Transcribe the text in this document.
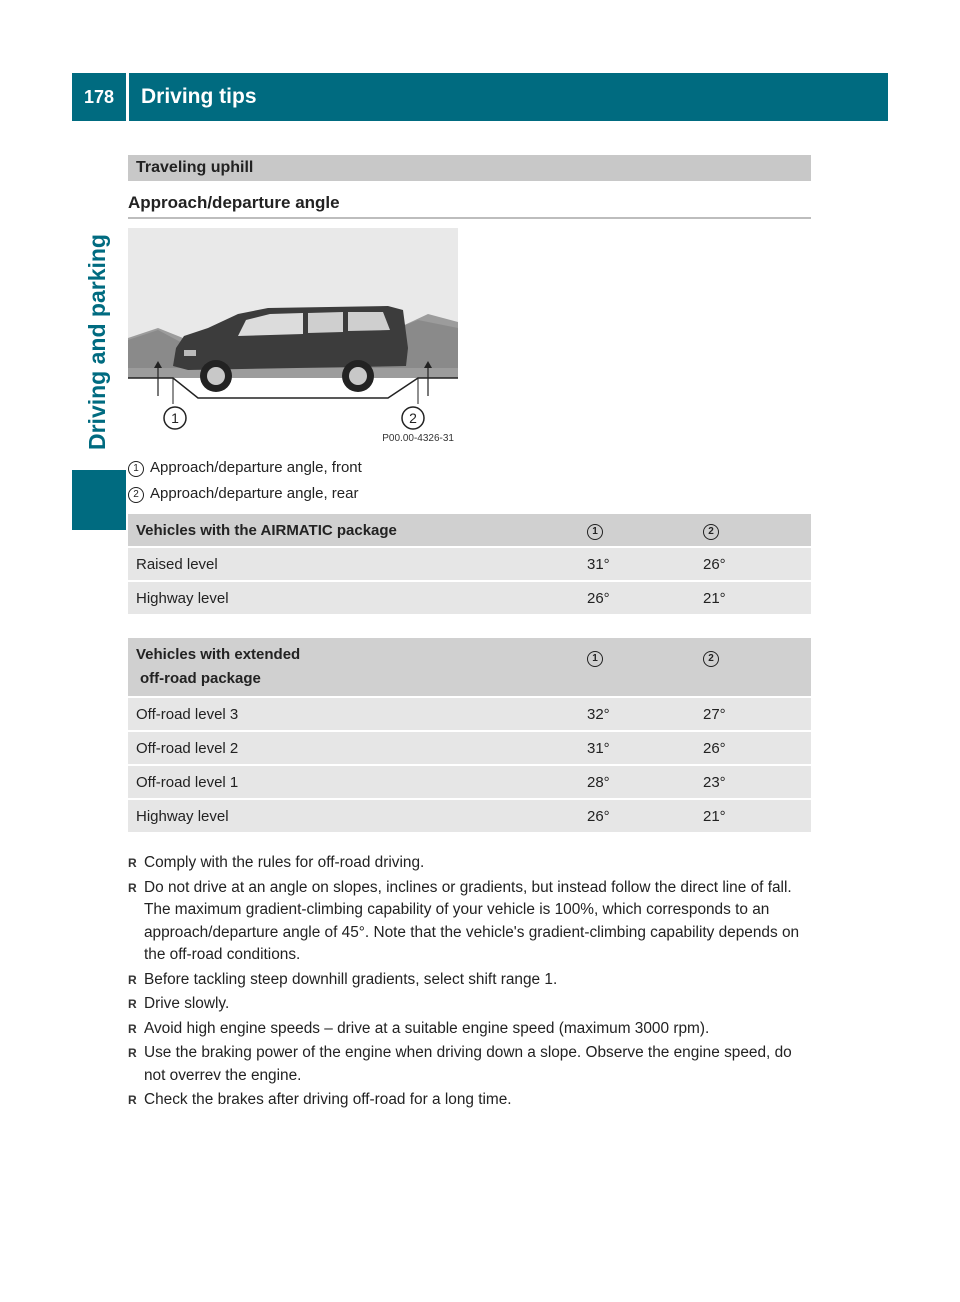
178	Driving tips
Driving and parking
Traveling uphill
Approach/departure angle
1	2
P00.00-4326-31
1 Approach/departure angle, front
2 Approach/departure angle, rear
Vehicles with the AIRMATIC package	1	2
Raised level	31°	26°
Highway level	26°	21°
Vehicles with extended
off-road package	1	2
Off-road level 3	32°	27°
Off-road level 2	31°	26°
Off-road level 1	28°	23°
Highway level	26°	21°
R Comply with the rules for off-road driving.
R Do not drive at an angle on slopes, inclines or gradients, but instead follow the direct line of fall. The maximum gradient-climbing capability of your vehicle is 100%, which corresponds to an approach/departure angle of 45°. Note that the vehicle's gradient-climbing capability depends on the off-road conditions.
R Before tackling steep downhill gradients, select shift range 1.
R Drive slowly.
R Avoid high engine speeds – drive at a suitable engine speed (maximum 3000 rpm).
R Use the braking power of the engine when driving down a slope. Observe the engine speed, do not overrev the engine.
R Check the brakes after driving off-road for a long time.
